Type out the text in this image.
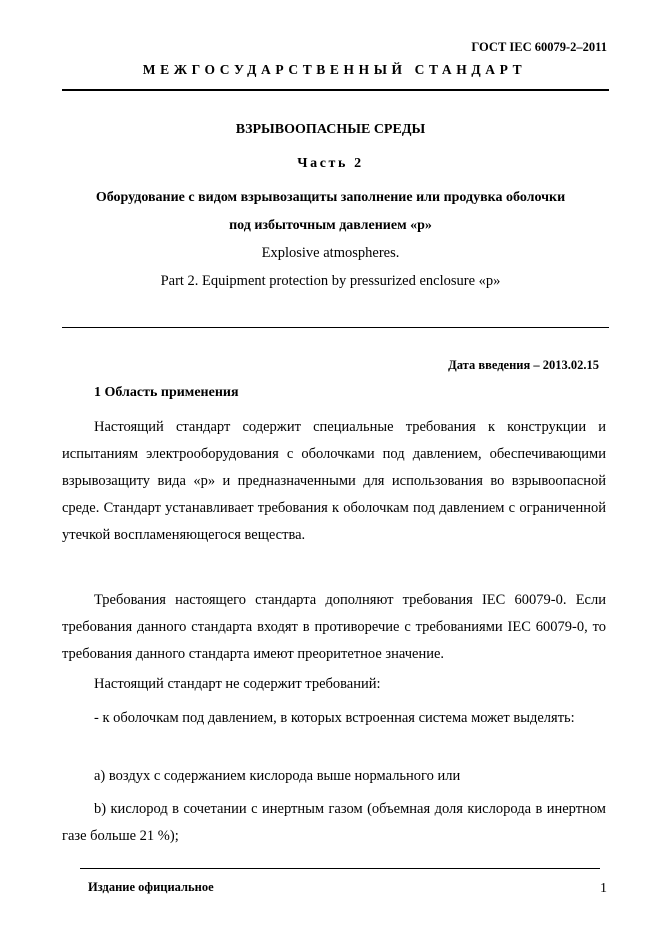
ГОСТ IEC 60079-2–2011
МЕЖГОСУДАРСТВЕННЫЙ СТАНДАРТ
ВЗРЫВООПАСНЫЕ СРЕДЫ
Часть 2
Оборудование с видом взрывозащиты заполнение или продувка оболочки
под избыточным давлением «р»
Explosive atmospheres.
Part 2. Equipment protection by pressurized enclosure «p»
Дата введения – 2013.02.15
1 Область применения
Настоящий стандарт содержит специальные требования к конструкции и испытаниям электрооборудования с оболочками под давлением, обеспечивающими взрывозащиту вида «р» и предназначенными для использования во взрывоопасной среде. Стандарт устанавливает требования к оболочкам под давлением с ограниченной утечкой воспламеняющегося вещества.
Требования настоящего стандарта дополняют требования IEC 60079-0. Если требования данного стандарта входят в противоречие с требованиями IEC 60079-0, то требования данного стандарта имеют преоритетное значение.
Настоящий стандарт не содержит требований:
- к оболочкам под давлением, в которых встроенная система может выделять:
a) воздух с содержанием кислорода выше нормального или
b) кислород в сочетании с инертным газом (объемная доля кислорода в инертном газе больше 21 %);
Издание официальное	1
